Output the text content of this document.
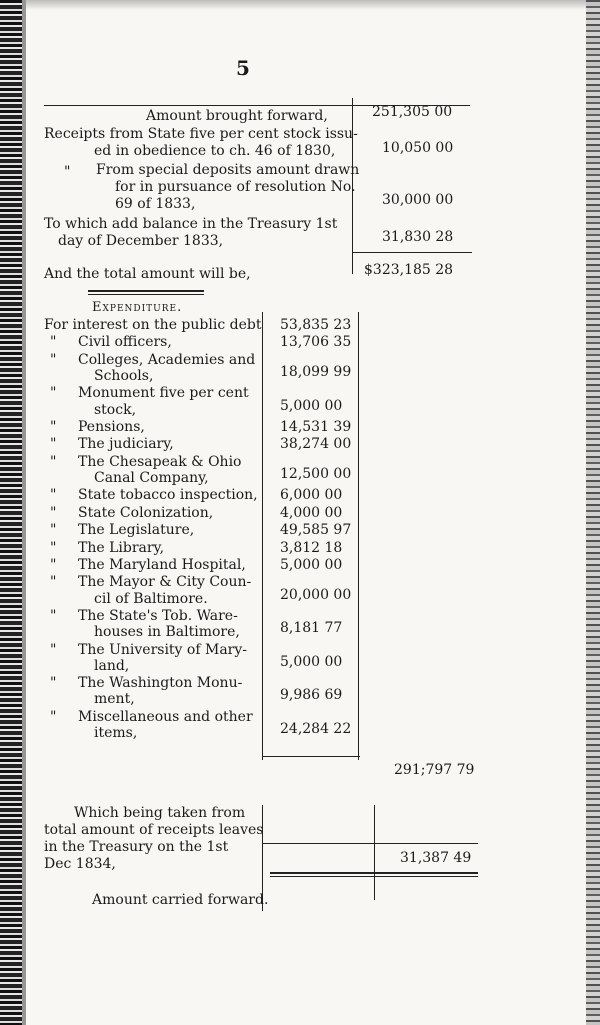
5
Amount brought forward,	251,305 00
Receipts from State five per cent stock issu-
ed in obedience to ch. 46 of 1830,	10,050 00
" From special deposits amount drawn
for in pursuance of resolution No.
69 of 1833,	30,000 00
To which add balance in the Treasury 1st
day of December 1833,	31,830 28
And the total amount will be,	$323,185 28
Expenditure.
For interest on the public debt 53,835 23
" Civil officers,	13,706 35
" Colleges, Academies and
Schools,	18,099 99
" Monument five per cent
stock,	5,000 00
" Pensions,	14,531 39
" The judiciary,	38,274 00
" The Chesapeak & Ohio
Canal Company,	12,500 00
" State tobacco inspection, 6,000 00
" State Colonization,	4,000 00
" The Legislature,	49,585 97
" The Library,	3,812 18
" The Maryland Hospital, 5,000 00
" The Mayor & City Coun-
cil of Baltimore.	20,000 00
" The State's Tob. Ware-
houses in Baltimore,	8,181 77
" The University of Mary-
land,	5,000 00
" The Washington Monu-
ment,	9,986 69
" Miscellaneous and other
items,	24,284 22
291;797 79
Which being taken from
total amount of receipts leaves
in the Treasury on the 1st
Dec 1834,	31,387 49
Amount carried forward.
